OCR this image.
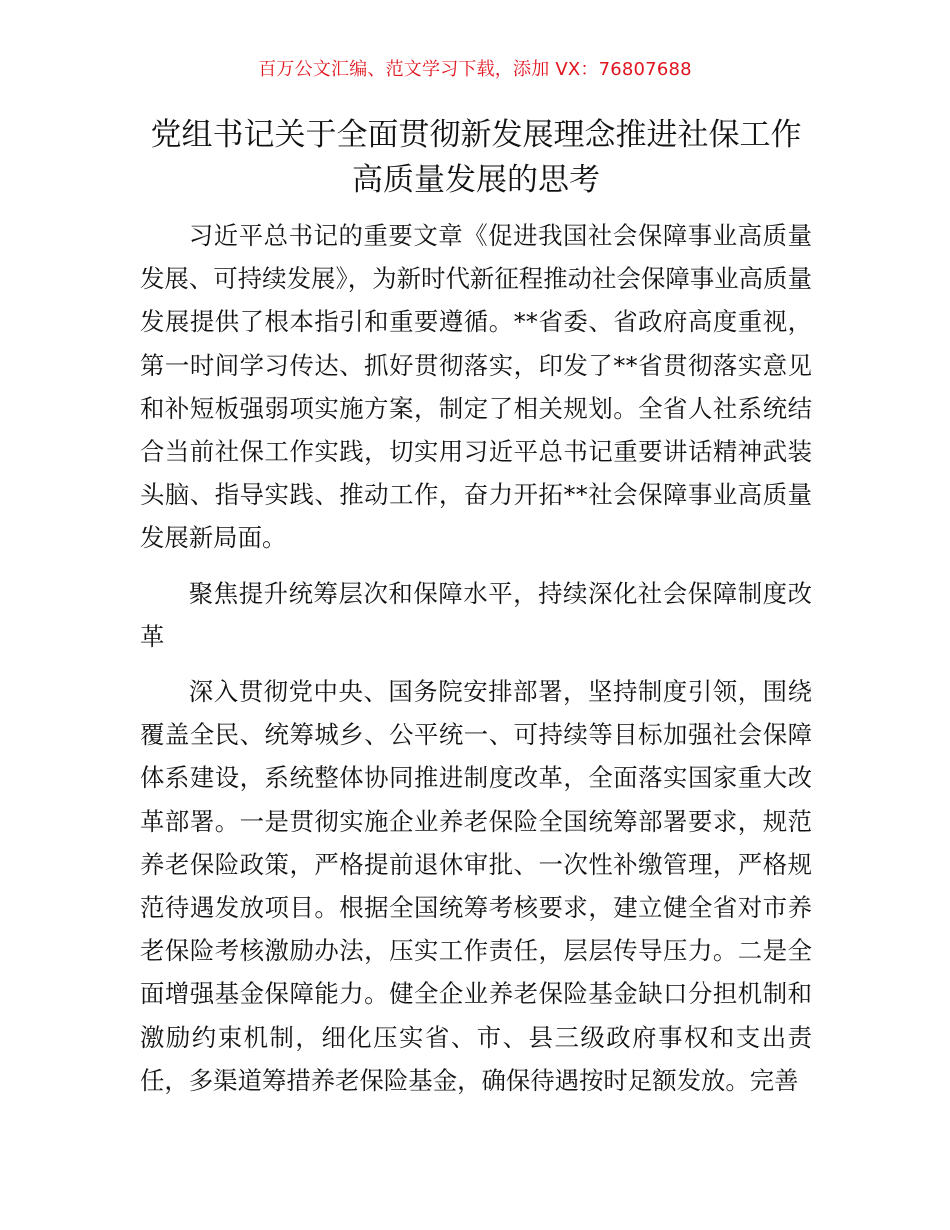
百万公文汇编、范文学习下载，添加 VX：76807688
党组书记关于全面贯彻新发展理念推进社保工作高质量发展的思考

习近平总书记的重要文章《促进我国社会保障事业高质量发展、可持续发展》，为新时代新征程推动社会保障事业高质量发展提供了根本指引和重要遵循。**省委、省政府高度重视，第一时间学习传达、抓好贯彻落实，印发了**省贯彻落实意见和补短板强弱项实施方案，制定了相关规划。全省人社系统结合当前社保工作实践，切实用习近平总书记重要讲话精神武装头脑、指导实践、推动工作，奋力开拓**社会保障事业高质量发展新局面。

聚焦提升统筹层次和保障水平，持续深化社会保障制度改革

深入贯彻党中央、国务院安排部署，坚持制度引领，围绕覆盖全民、统筹城乡、公平统一、可持续等目标加强社会保障体系建设，系统整体协同推进制度改革，全面落实国家重大改革部署。一是贯彻实施企业养老保险全国统筹部署要求，规范养老保险政策，严格提前退休审批、一次性补缴管理，严格规范待遇发放项目。根据全国统筹考核要求，建立健全省对市养老保险考核激励办法，压实工作责任，层层传导压力。二是全面增强基金保障能力。健全企业养老保险基金缺口分担机制和激励约束机制，细化压实省、市、县三级政府事权和支出责任，多渠道筹措养老保险基金，确保待遇按时足额发放。完善
